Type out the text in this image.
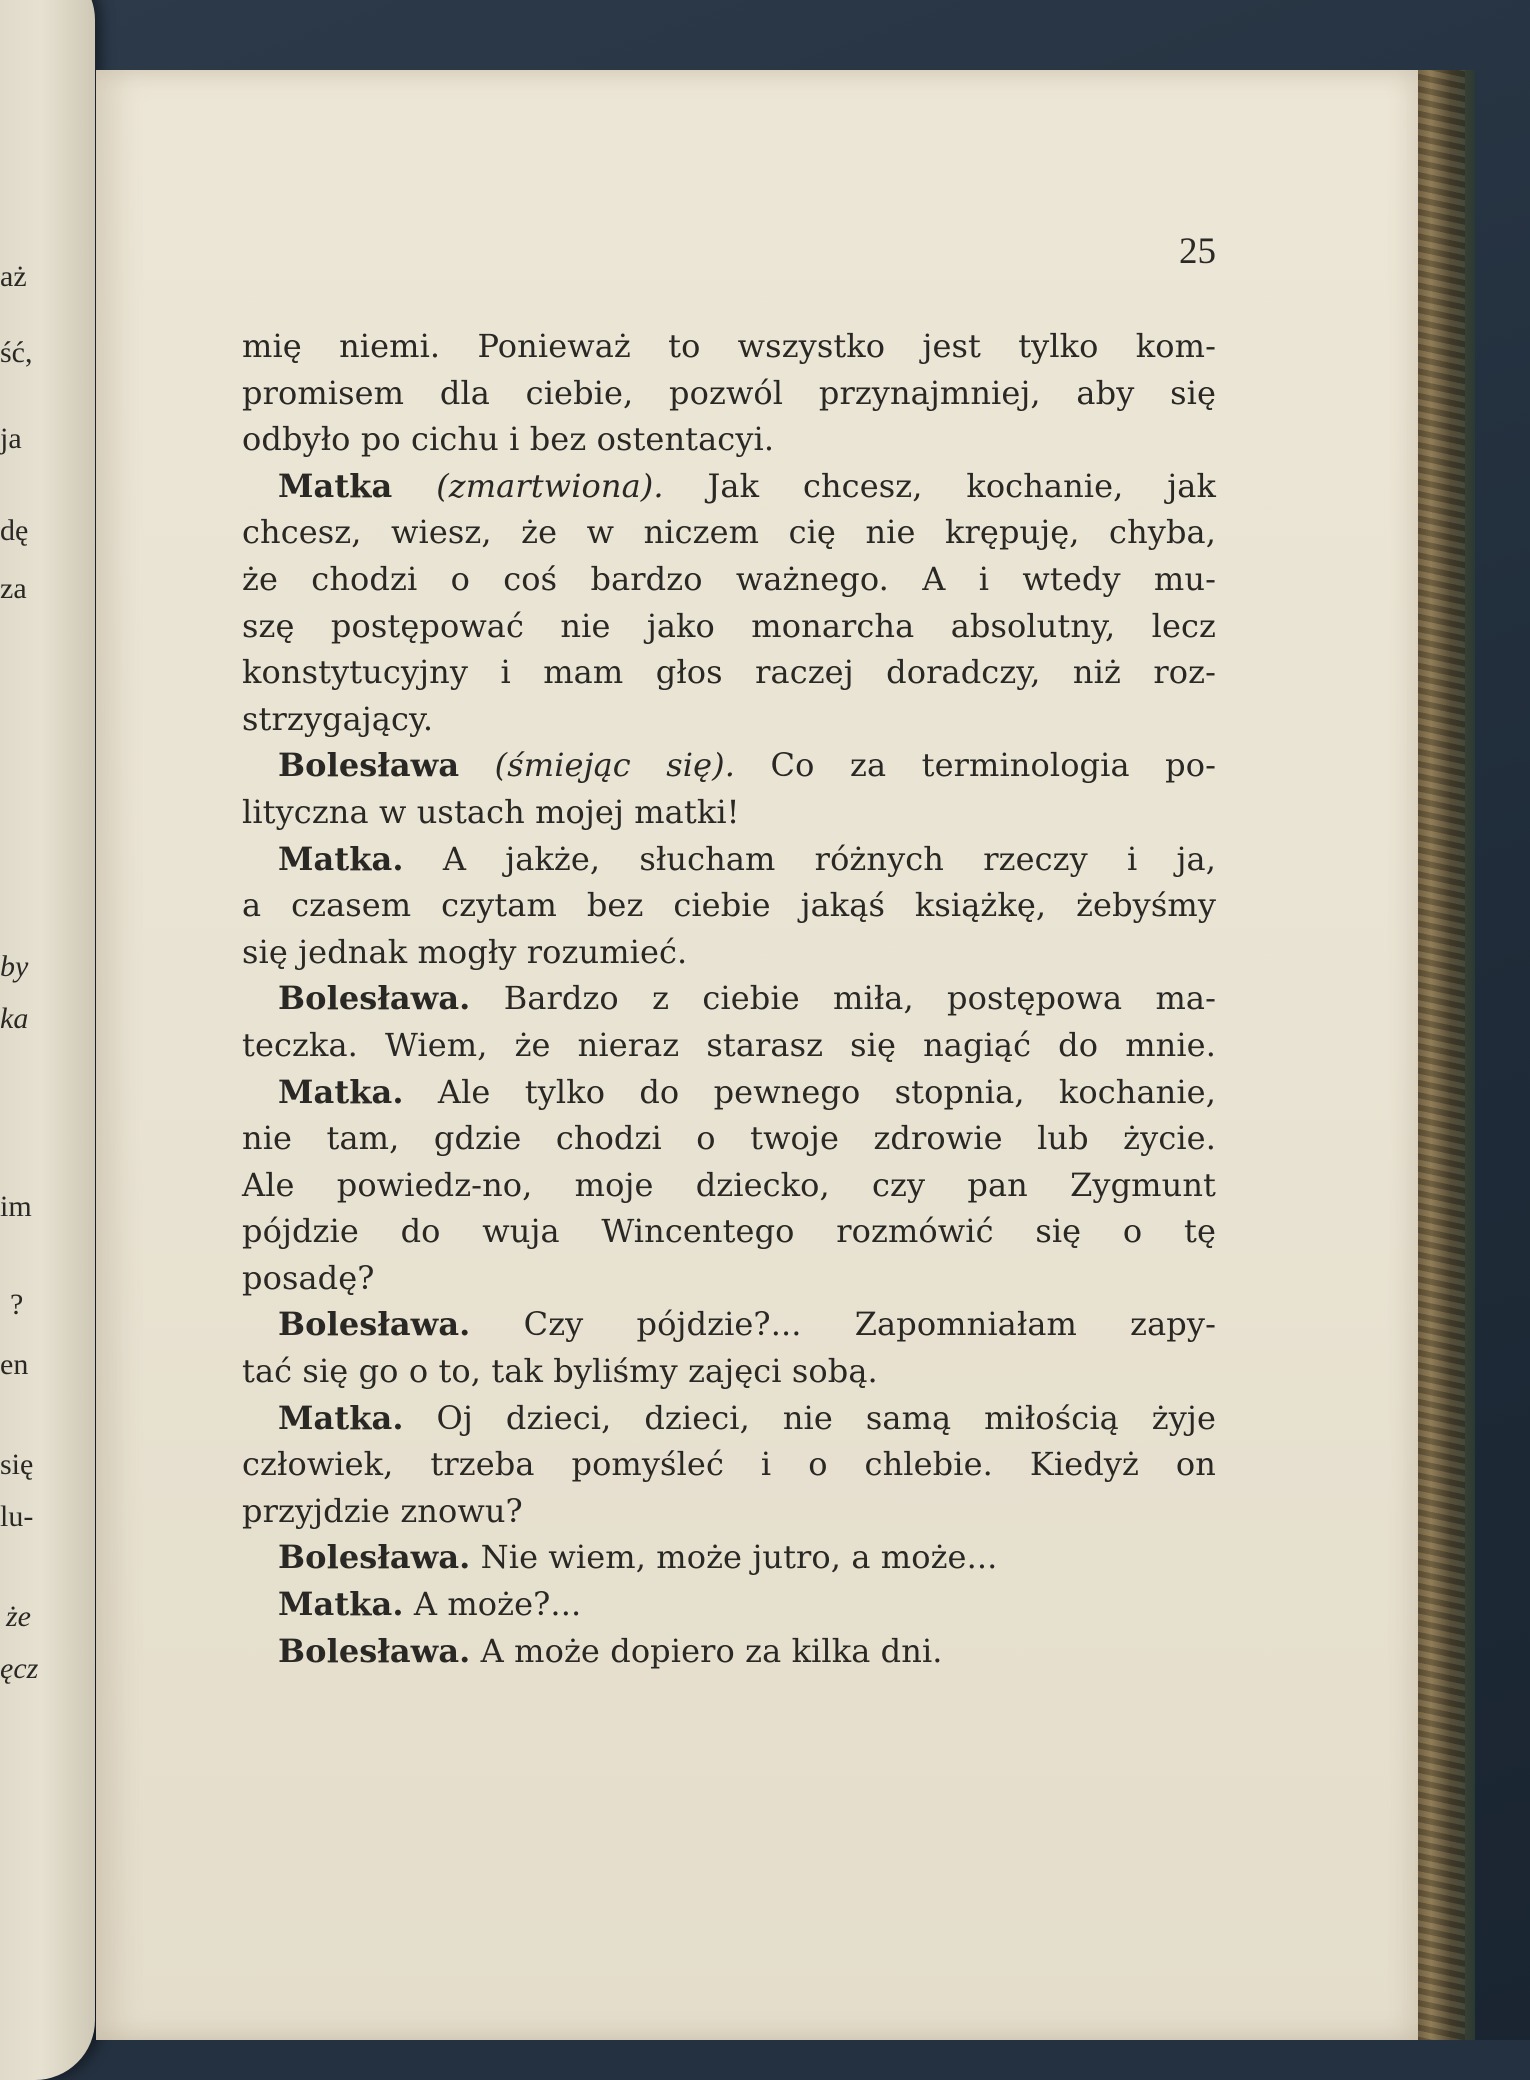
aż
ść,
ja
dę
za
by
ka
im
?
en
się
lu-
że
ęcz
25
mię niemi. Ponieważ to wszystko jest tylko kom-
promisem dla ciebie, pozwól przynajmniej, aby się
odbyło po cichu i bez ostentacyi.
Matka (zmartwiona). Jak chcesz, kochanie, jak
chcesz, wiesz, że w niczem cię nie krępuję, chyba,
że chodzi o coś bardzo ważnego. A i wtedy mu-
szę postępować nie jako monarcha absolutny, lecz
konstytucyjny i mam głos raczej doradczy, niż roz-
strzygający.
Bolesława (śmiejąc się). Co za terminologia po-
lityczna w ustach mojej matki!
Matka. A jakże, słucham różnych rzeczy i ja,
a czasem czytam bez ciebie jakąś książkę, żebyśmy
się jednak mogły rozumieć.
Bolesława. Bardzo z ciebie miła, postępowa ma-
teczka. Wiem, że nieraz starasz się nagiąć do mnie.
Matka. Ale tylko do pewnego stopnia, kochanie,
nie tam, gdzie chodzi o twoje zdrowie lub życie.
Ale powiedz-no, moje dziecko, czy pan Zygmunt
pójdzie do wuja Wincentego rozmówić się o tę
posadę?
Bolesława. Czy pójdzie?... Zapomniałam zapy-
tać się go o to, tak byliśmy zajęci sobą.
Matka. Oj dzieci, dzieci, nie samą miłością żyje
człowiek, trzeba pomyśleć i o chlebie. Kiedyż on
przyjdzie znowu?
Bolesława. Nie wiem, może jutro, a może...
Matka. A może?...
Bolesława. A może dopiero za kilka dni.
